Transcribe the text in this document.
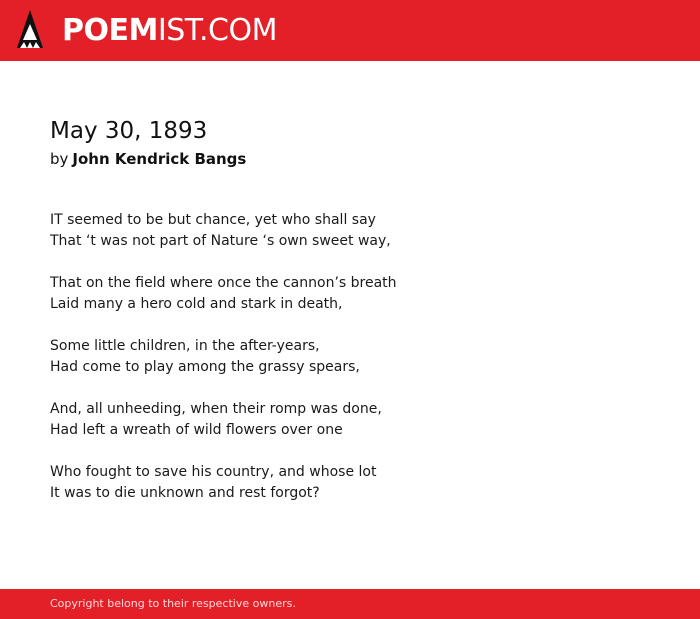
POEMIST.COM
May 30, 1893
by John Kendrick Bangs
IT seemed to be but chance, yet who shall say
That ‘t was not part of Nature ‘s own sweet way,
That on the field where once the cannon’s breath
Laid many a hero cold and stark in death,
Some little children, in the after-years,
Had come to play among the grassy spears,
And, all unheeding, when their romp was done,
Had left a wreath of wild flowers over one
Who fought to save his country, and whose lot
It was to die unknown and rest forgot?
Copyright belong to their respective owners.
